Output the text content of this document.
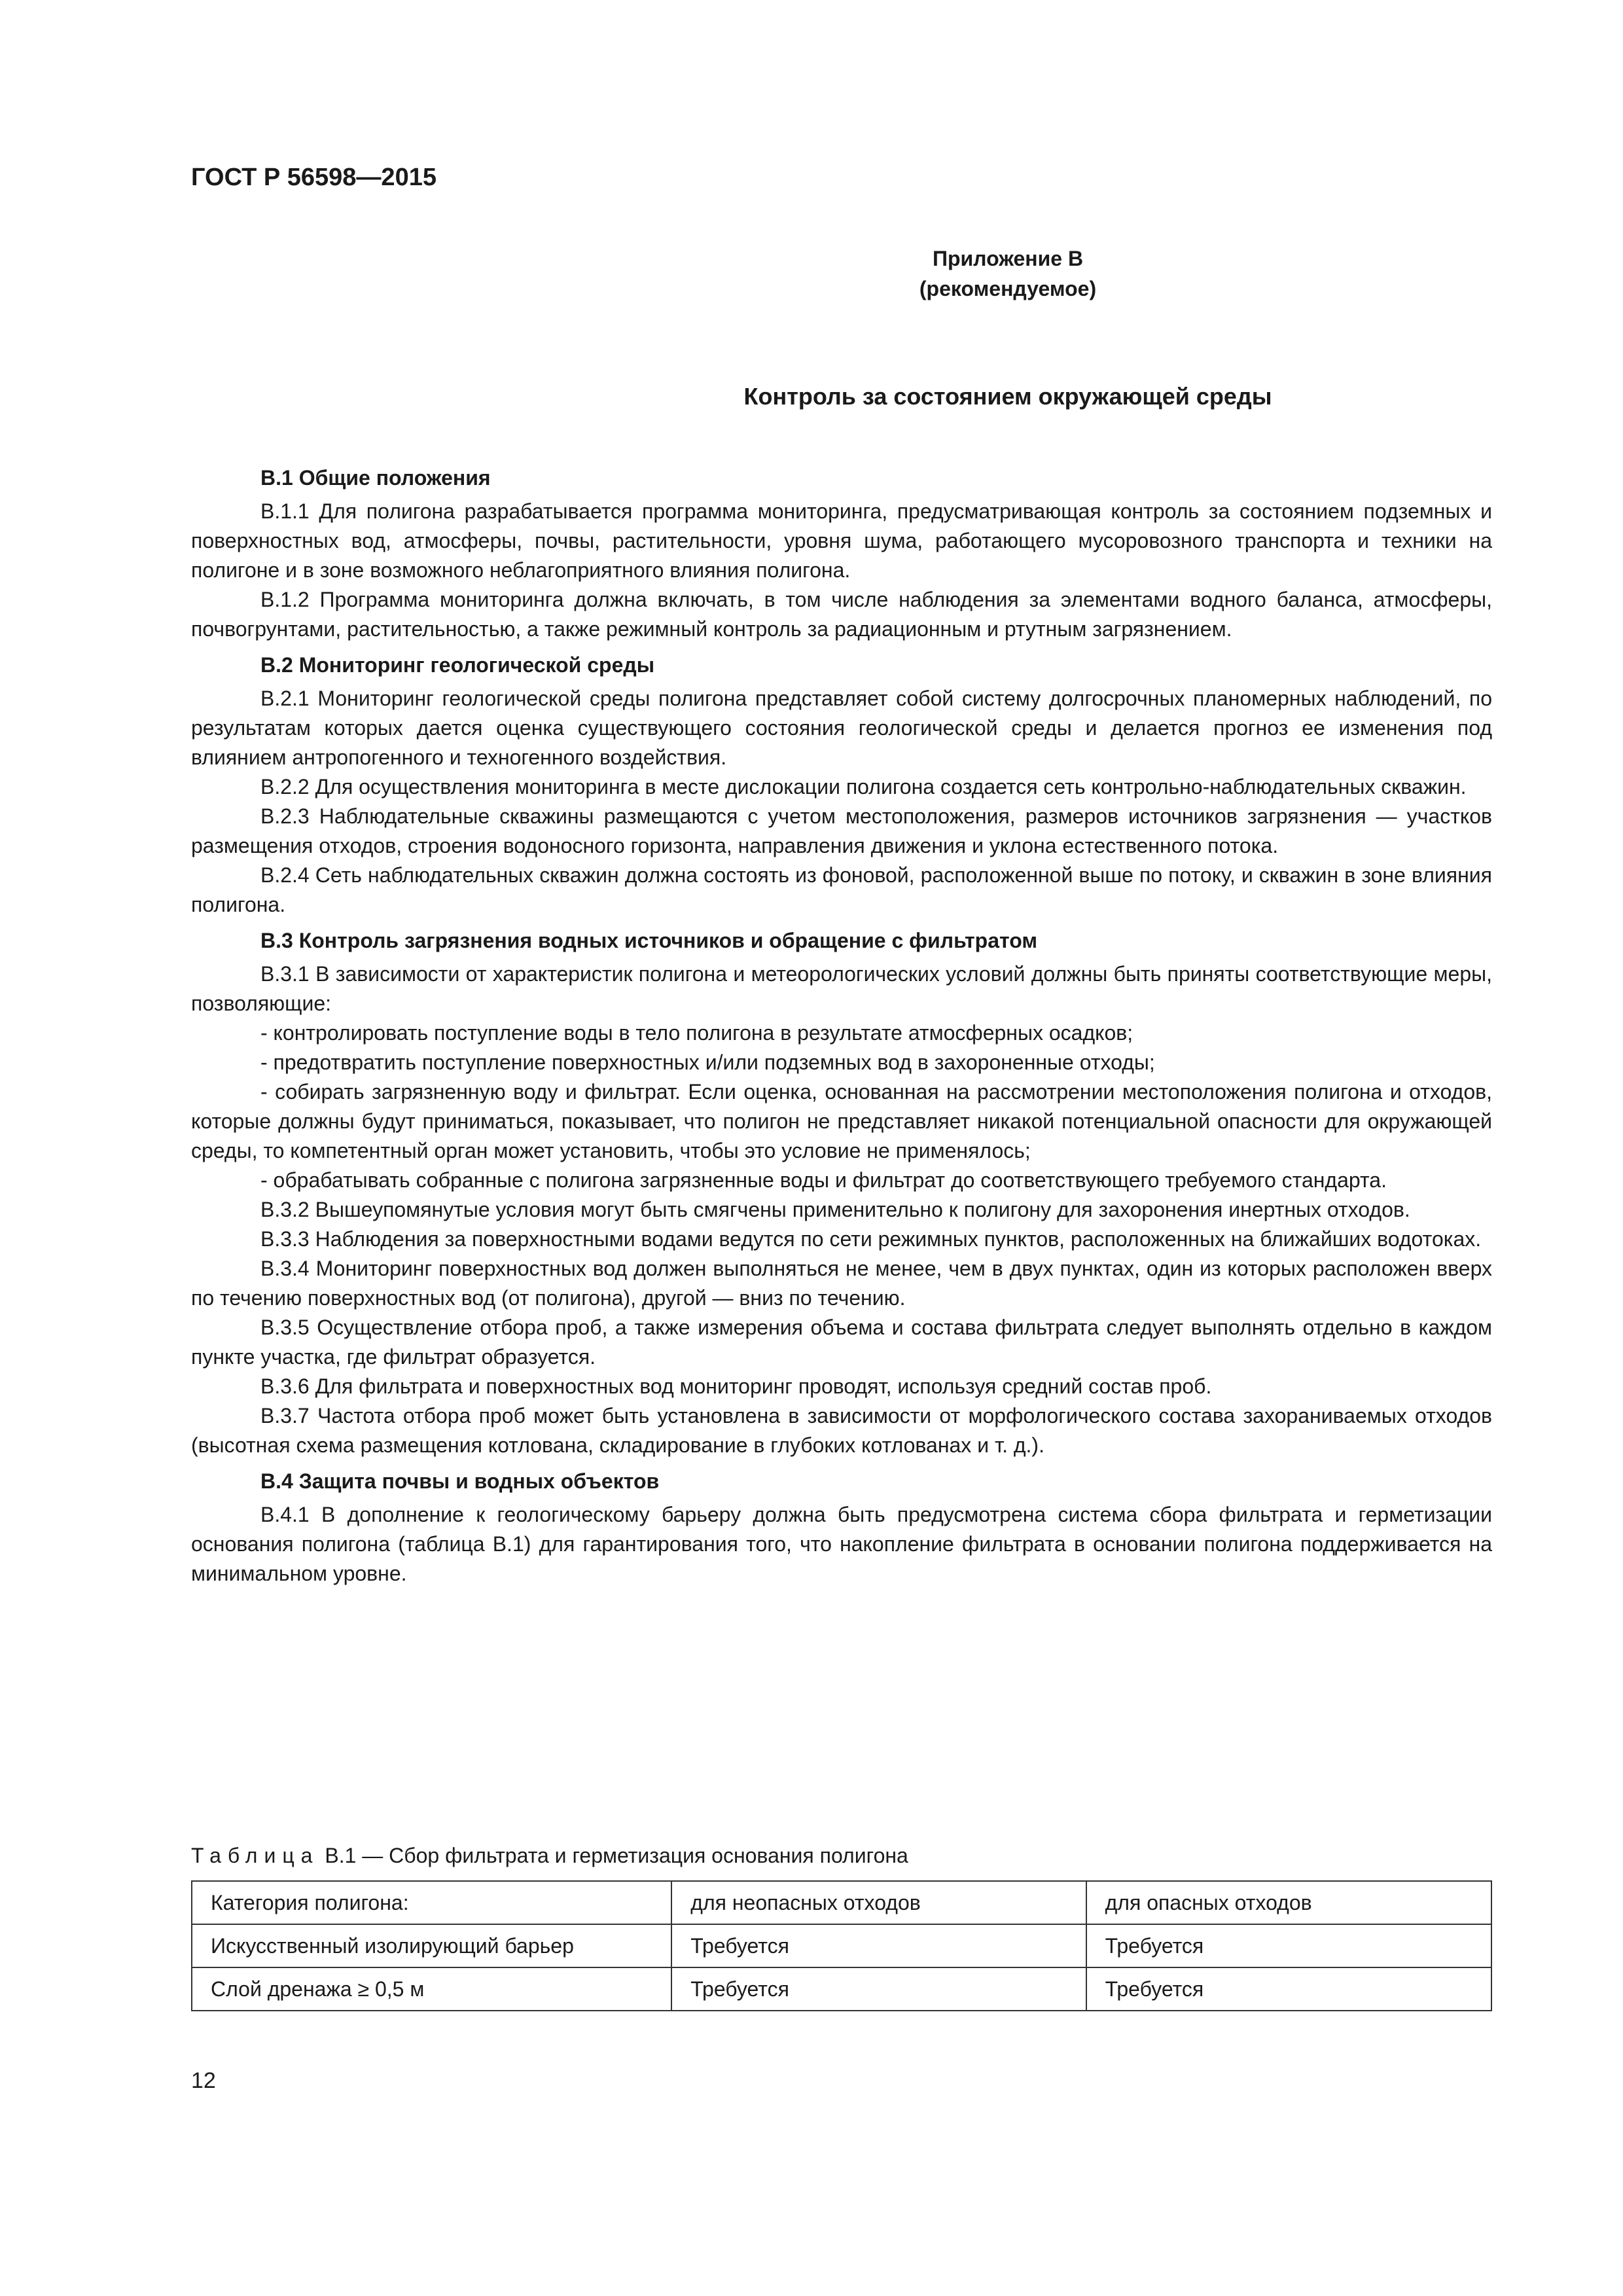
ГОСТ Р 56598—2015
Приложение В
(рекомендуемое)
Контроль за состоянием окружающей среды
В.1 Общие положения

В.1.1 Для полигона разрабатывается программа мониторинга, предусматривающая контроль за состоянием подземных и поверхностных вод, атмосферы, почвы, растительности, уровня шума, работающего мусоровозного транспорта и техники на полигоне и в зоне возможного неблагоприятного влияния полигона.

В.1.2 Программа мониторинга должна включать, в том числе наблюдения за элементами водного баланса, атмосферы, почвогрунтами, растительностью, а также режимный контроль за радиационным и ртутным загрязнением.

В.2 Мониторинг геологической среды

В.2.1 Мониторинг геологической среды полигона представляет собой систему долгосрочных планомерных наблюдений, по результатам которых дается оценка существующего состояния геологической среды и делается прогноз ее изменения под влиянием антропогенного и техногенного воздействия.

В.2.2 Для осуществления мониторинга в месте дислокации полигона создается сеть контрольно-наблюдательных скважин.

В.2.3 Наблюдательные скважины размещаются с учетом местоположения, размеров источников загрязнения — участков размещения отходов, строения водоносного горизонта, направления движения и уклона естественного потока.

В.2.4 Сеть наблюдательных скважин должна состоять из фоновой, расположенной выше по потоку, и скважин в зоне влияния полигона.

В.3 Контроль загрязнения водных источников и обращение с фильтратом

В.3.1 В зависимости от характеристик полигона и метеорологических условий должны быть приняты соответствующие меры, позволяющие:

- контролировать поступление воды в тело полигона в результате атмосферных осадков;

- предотвратить поступление поверхностных и/или подземных вод в захороненные отходы;

- собирать загрязненную воду и фильтрат. Если оценка, основанная на рассмотрении местоположения полигона и отходов, которые должны будут приниматься, показывает, что полигон не представляет никакой потенциальной опасности для окружающей среды, то компетентный орган может установить, чтобы это условие не применялось;

- обрабатывать собранные с полигона загрязненные воды и фильтрат до соответствующего требуемого стандарта.

В.3.2 Вышеупомянутые условия могут быть смягчены применительно к полигону для захоронения инертных отходов.

В.3.3 Наблюдения за поверхностными водами ведутся по сети режимных пунктов, расположенных на ближайших водотоках.

В.3.4 Мониторинг поверхностных вод должен выполняться не менее, чем в двух пунктах, один из которых расположен вверх по течению поверхностных вод (от полигона), другой — вниз по течению.

В.3.5 Осуществление отбора проб, а также измерения объема и состава фильтрата следует выполнять отдельно в каждом пункте участка, где фильтрат образуется.

В.3.6 Для фильтрата и поверхностных вод мониторинг проводят, используя средний состав проб.

В.3.7 Частота отбора проб может быть установлена в зависимости от морфологического состава захораниваемых отходов (высотная схема размещения котлована, складирование в глубоких котлованах и т. д.).

В.4 Защита почвы и водных объектов

В.4.1 В дополнение к геологическому барьеру должна быть предусмотрена система сбора фильтрата и герметизации основания полигона (таблица В.1) для гарантирования того, что накопление фильтрата в основании полигона поддерживается на минимальном уровне.

Таблица В.1 — Сбор фильтрата и герметизация основания полигона
Категория полигона:	для неопасных отходов	для опасных отходов
Искусственный изолирующий барьер	Требуется	Требуется
Слой дренажа ≥ 0,5 м	Требуется	Требуется
12
